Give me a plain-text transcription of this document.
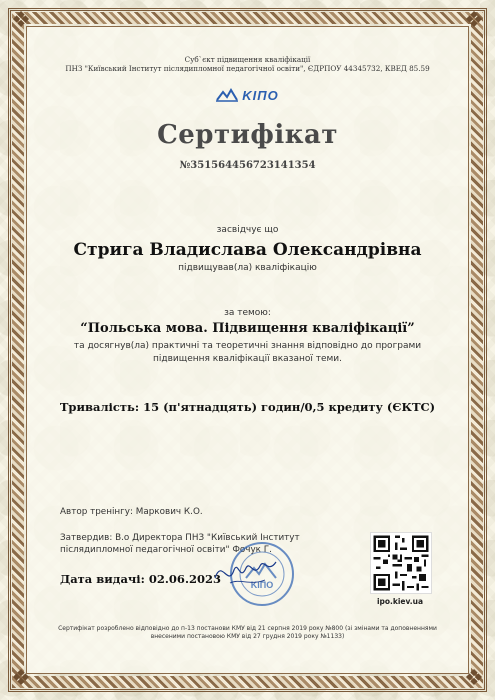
❖	❖
❖	❖
Суб`єкт підвищення кваліфікації
ПНЗ "Київський Інститут післядипломної педагогічної освіти", ЄДРПОУ 44345732, КВЕД 85.59
KIПO
Сертифікат
№351564456723141354
засвідчує що
Стрига Владислава Олександрівна
підвищував(ла) кваліфікацію
за темою:
“Польська мова. Підвищення кваліфікації”
та досягнув(ла) практичні та теоретичні знання відповідно до програми
підвищення кваліфікації вказаної теми.
Тривалість: 15 (п'ятнадцять) годин/0,5 кредиту (ЄКТС)
Автор тренінгу: Маркович К.О.
Затвердив: В.о Директора ПНЗ "Київський Інститут
післядипломної педагогічної освіти" Фочук Г.
Дата видачі: 02.06.2023	KIПO
ipo.kiev.ua
Сертифікат розроблено відповідно до п-13 постанови КМУ від 21 серпня 2019 року №800 (зі змінами та доповненнями
внесеними постановою КМУ від 27 грудня 2019 року №1133)
